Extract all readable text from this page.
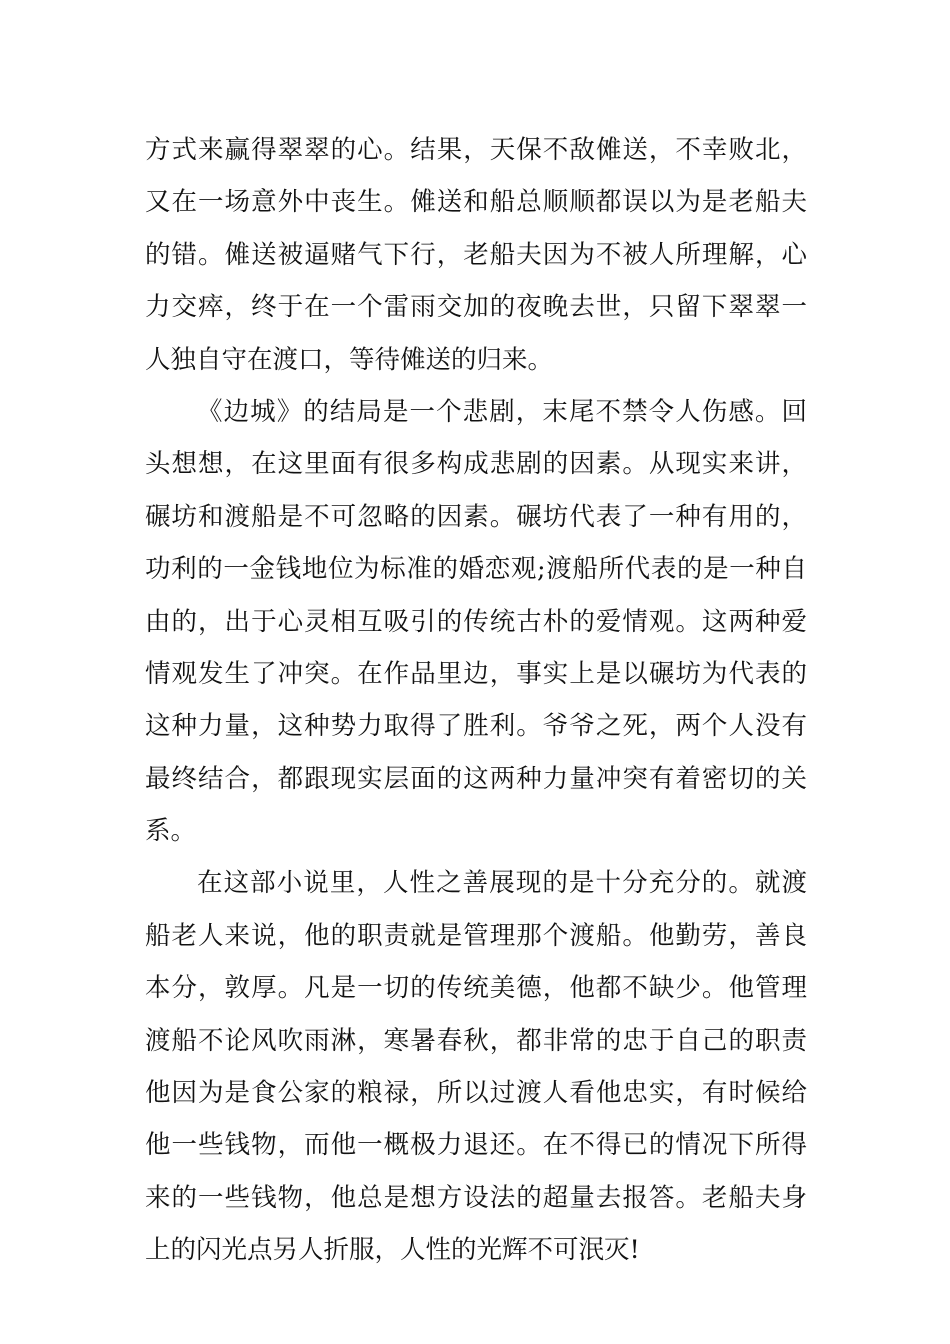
方式来赢得翠翠的心。结果，天保不敌傩送，不幸败北，
又在一场意外中丧生。傩送和船总顺顺都误以为是老船夫
的错。傩送被逼赌气下行，老船夫因为不被人所理解，心
力交瘁，终于在一个雷雨交加的夜晚去世，只留下翠翠一
人独自守在渡口，等待傩送的归来。
《边城》的结局是一个悲剧，末尾不禁令人伤感。回
头想想，在这里面有很多构成悲剧的因素。从现实来讲，
碾坊和渡船是不可忽略的因素。碾坊代表了一种有用的，
功利的一金钱地位为标准的婚恋观;渡船所代表的是一种自
由的，出于心灵相互吸引的传统古朴的爱情观。这两种爱
情观发生了冲突。在作品里边，事实上是以碾坊为代表的
这种力量，这种势力取得了胜利。爷爷之死，两个人没有
最终结合，都跟现实层面的这两种力量冲突有着密切的关
系。
在这部小说里，人性之善展现的是十分充分的。就渡
船老人来说，他的职责就是管理那个渡船。他勤劳，善良
本分，敦厚。凡是一切的传统美德，他都不缺少。他管理
渡船不论风吹雨淋，寒暑春秋，都非常的忠于自己的职责
他因为是食公家的粮禄，所以过渡人看他忠实，有时候给
他一些钱物，而他一概极力退还。在不得已的情况下所得
来的一些钱物，他总是想方设法的超量去报答。老船夫身
上的闪光点另人折服，人性的光辉不可泯灭!
